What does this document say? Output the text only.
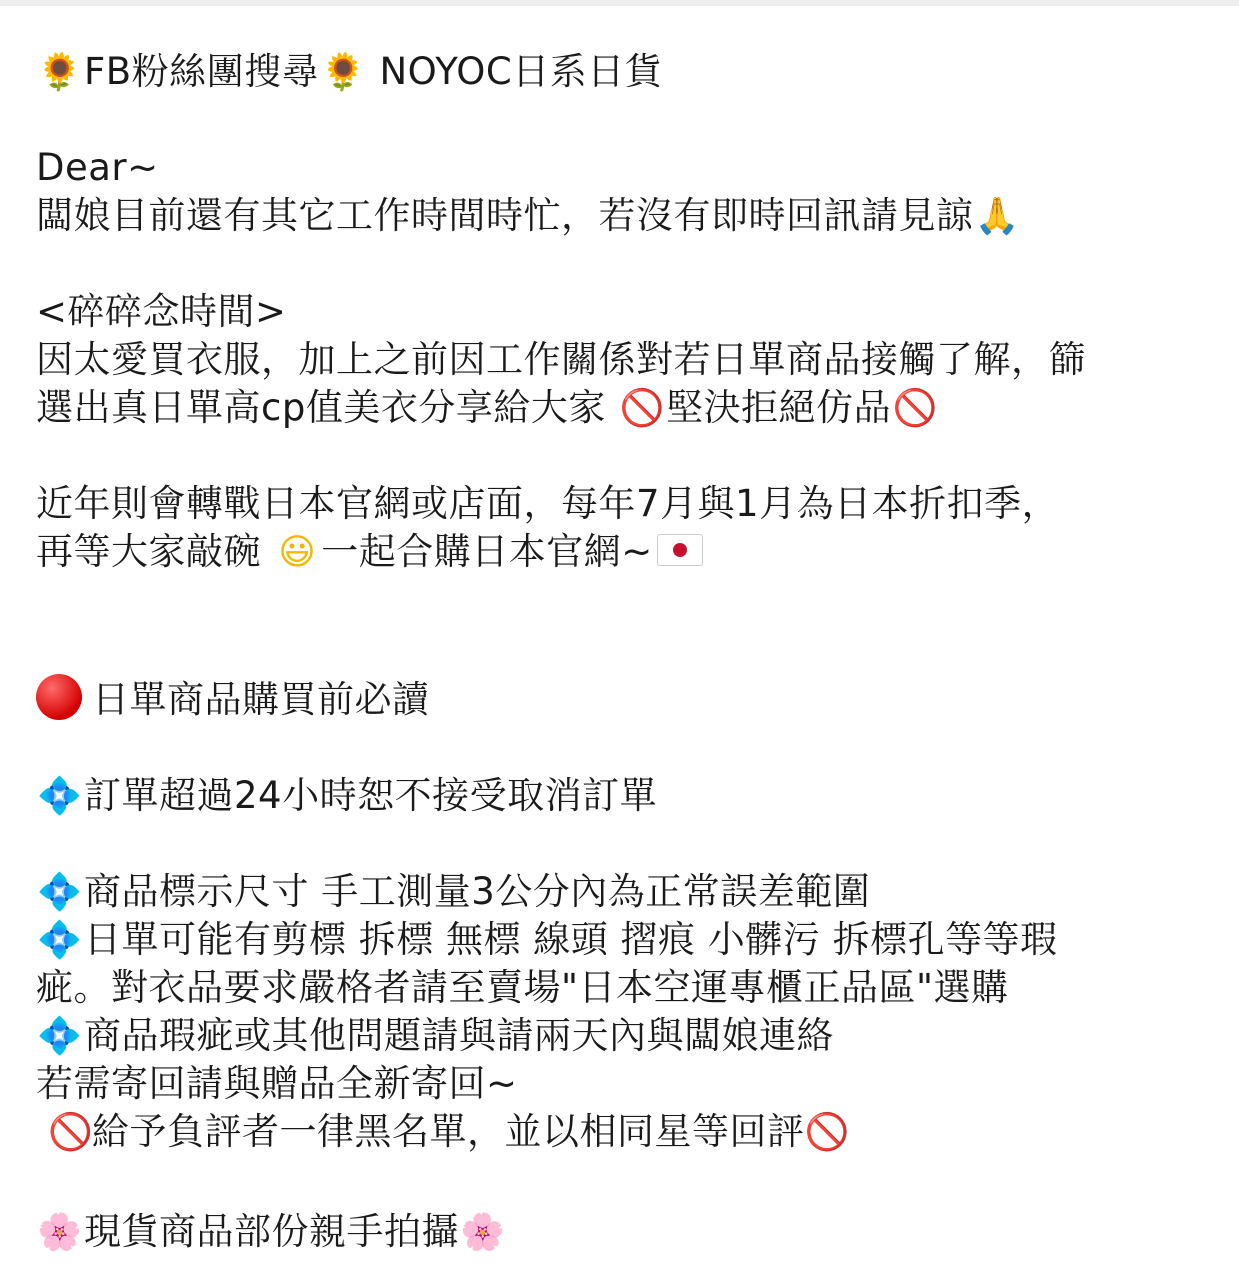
🌻FB粉絲團搜尋🌻 NOYOC日系日貨
Dear~
闆娘目前還有其它工作時間時忙，若沒有即時回訊請見諒🙏
<碎碎念時間>
因太愛買衣服，加上之前因工作關係對若日單商品接觸了解，篩
選出真日單高cp值美衣分享給大家 🚫堅決拒絕仿品🚫
近年則會轉戰日本官網或店面，每年7月與1月為日本折扣季，
再等大家敲碗 😃 一起合購日本官網~
日單商品購買前必讀
💠訂單超過24小時恕不接受取消訂單
💠商品標示尺寸 手工測量3公分內為正常誤差範圍
💠日單可能有剪標 拆標 無標 線頭 摺痕 小髒污 拆標孔等等瑕
疵。對衣品要求嚴格者請至賣場"日本空運專櫃正品區"選購
💠商品瑕疵或其他問題請與請兩天內與闆娘連絡
若需寄回請與贈品全新寄回~
🚫給予負評者一律黑名單，並以相同星等回評🚫
🌸現貨商品部份親手拍攝🌸
